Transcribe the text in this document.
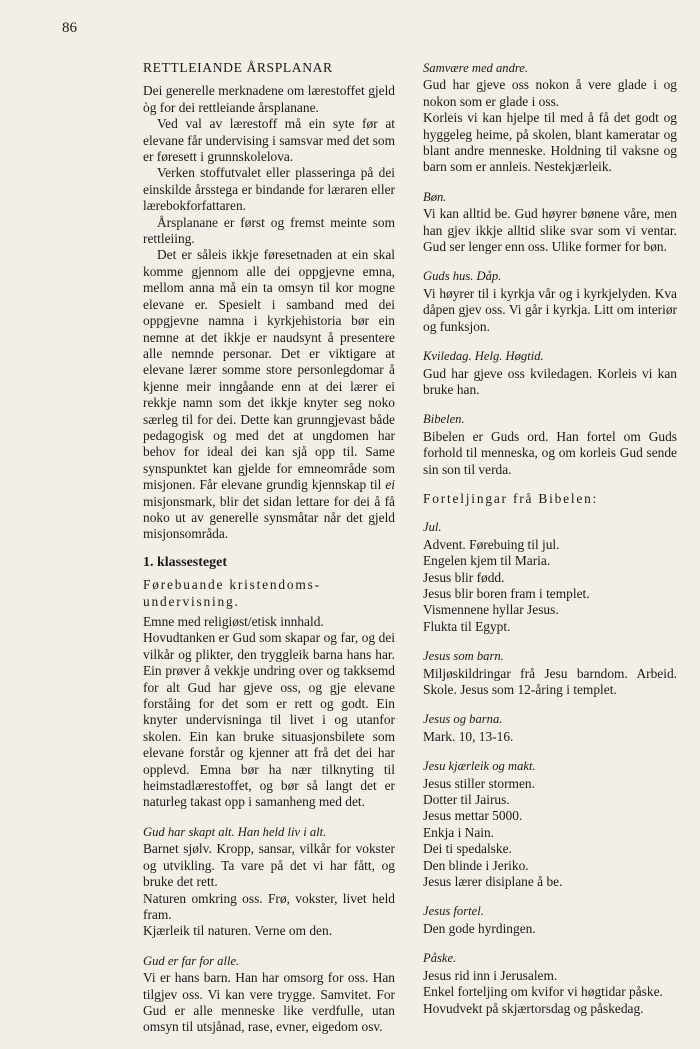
86

RETTLEIANDE ÅRSPLANAR

Dei generelle merknadene om lærestoffet gjeld òg for dei rettleiande årsplanane.

Ved val av lærestoff må ein syte før at elevane får undervising i samsvar med det som er føresett i grunnskolelova.

Verken stoffutvalet eller plasseringa på dei einskilde årsstega er bindande for læraren eller lærebokforfattaren.

Årsplanane er først og fremst meinte som rettleiing.

Det er såleis ikkje føresetnaden at ein skal komme gjennom alle dei oppgjevne emna, mellom anna må ein ta omsyn til kor mogne elevane er. Spesielt i samband med dei oppgjevne namna i kyrkjehistoria bør ein nemne at det ikkje er naudsynt å presentere alle nemnde personar. Det er viktigare at elevane lærer somme store personlegdomar å kjenne meir inngåande enn at dei lærer ei rekkje namn som det ikkje knyter seg noko særleg til for dei. Dette kan grunngjevast både pedagogisk og med det at ungdomen har behov for ideal dei kan sjå opp til. Same synspunktet kan gjelde for emneområde som misjonen. Får elevane grundig kjennskap til ei misjonsmark, blir det sidan lettare for dei å få noko ut av generelle synsmåtar når det gjeld misjonsområda.

1. klassesteget

Førebuande kristendoms-undervisning.

Emne med religiøst/etisk innhald.

Hovudtanken er Gud som skapar og far, og dei vilkår og plikter, den tryggleik barna hans har. Ein prøver å vekkje undring over og takksemd for alt Gud har gjeve oss, og gje elevane forståing for det som er rett og godt. Ein knyter undervisninga til livet i og utanfor skolen. Ein kan bruke situasjonsbilete som elevane forstår og kjenner att frå det dei har opplevd. Emna bør ha nær tilknyting til heimstadlærestoffet, og bør så langt det er naturleg takast opp i samanheng med det.

Gud har skapt alt. Han held liv i alt.

Barnet sjølv. Kropp, sansar, vilkår for vokster og utvikling. Ta vare på det vi har fått, og bruke det rett.

Naturen omkring oss. Frø, vokster, livet held fram.

Kjærleik til naturen. Verne om den.

Gud er far for alle.

Vi er hans barn. Han har omsorg for oss. Han tilgjev oss. Vi kan vere trygge. Samvitet. For Gud er alle menneske like verdfulle, utan omsyn til utsjånad, rase, evner, eigedom osv.

Samvære med andre.

Gud har gjeve oss nokon å vere glade i og nokon som er glade i oss.

Korleis vi kan hjelpe til med å få det godt og hyggeleg heime, på skolen, blant kameratar og blant andre menneske. Holdning til vaksne og barn som er annleis. Nestekjærleik.

Bøn.

Vi kan alltid be. Gud høyrer bønene våre, men han gjev ikkje alltid slike svar som vi ventar. Gud ser lenger enn oss. Ulike former for bøn.

Guds hus. Dåp.

Vi høyrer til i kyrkja vår og i kyrkjelyden. Kva dåpen gjev oss. Vi går i kyrkja. Litt om interiør og funksjon.

Kviledag. Helg. Høgtid.

Gud har gjeve oss kviledagen. Korleis vi kan bruke han.

Bibelen.

Bibelen er Guds ord. Han fortel om Guds forhold til menneska, og om korleis Gud sende sin son til verda.

Forteljingar frå Bibelen:

Jul.

Advent. Førebuing til jul.

Engelen kjem til Maria.

Jesus blir fødd.

Jesus blir boren fram i templet.

Vismennene hyllar Jesus.

Flukta til Egypt.

Jesus som barn.

Miljøskildringar frå Jesu barndom. Arbeid. Skole. Jesus som 12-åring i templet.

Jesus og barna.

Mark. 10, 13-16.

Jesu kjærleik og makt.

Jesus stiller stormen.

Dotter til Jairus.

Jesus mettar 5000.

Enkja i Nain.

Dei ti spedalske.

Den blinde i Jeriko.

Jesus lærer disiplane å be.

Jesus fortel.

Den gode hyrdingen.

Påske.

Jesus rid inn i Jerusalem.

Enkel forteljing om kvifor vi høgtidar påske.

Hovudvekt på skjærtorsdag og påskedag.
